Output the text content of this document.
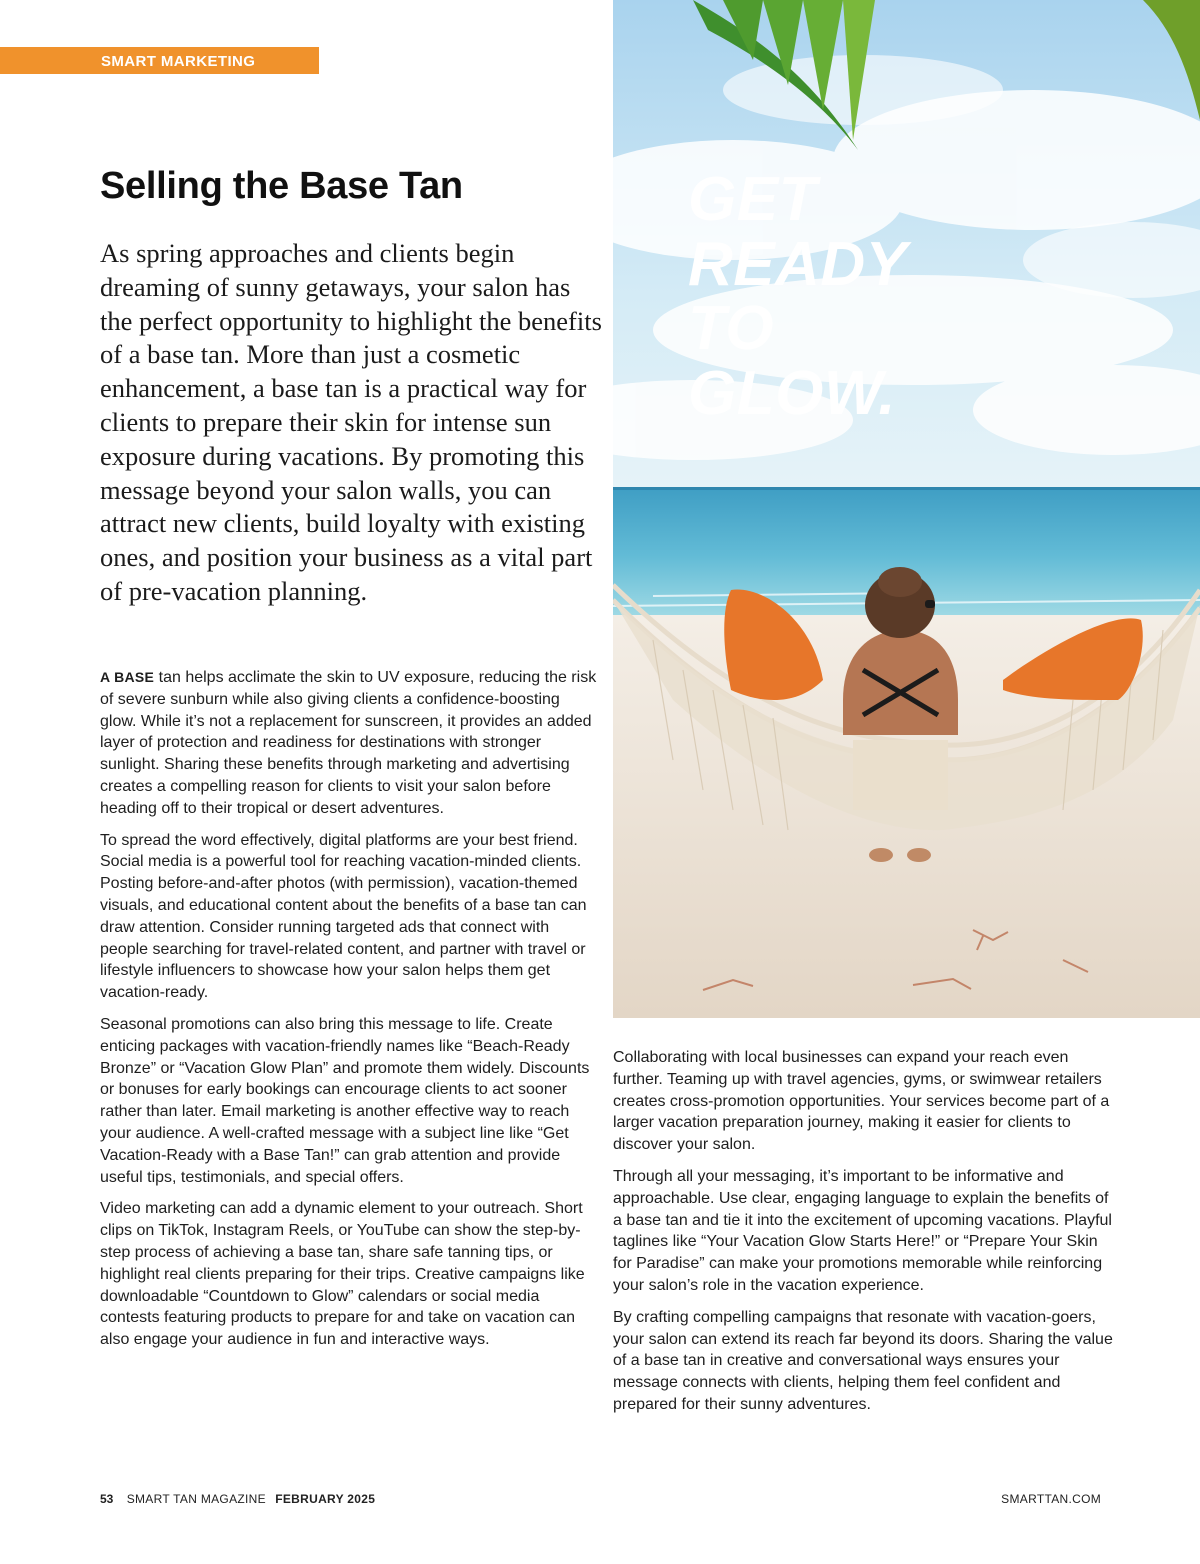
SMART MARKETING
Selling the Base Tan

As spring approaches and clients begin dreaming of sunny getaways, your salon has the perfect opportunity to highlight the benefits of a base tan. More than just a cosmetic enhancement, a base tan is a practical way for clients to prepare their skin for intense sun exposure during vacations. By promoting this message beyond your salon walls, you can attract new clients, build loyalty with existing ones, and position your business as a vital part of pre-vacation planning.

A BASE tan helps acclimate the skin to UV exposure, reducing the risk of severe sunburn while also giving clients a confidence-boosting glow. While it’s not a replacement for sunscreen, it provides an added layer of protection and readiness for destinations with stronger sunlight. Sharing these benefits through marketing and advertising creates a compelling reason for clients to visit your salon before heading off to their tropical or desert adventures.

To spread the word effectively, digital platforms are your best friend. Social media is a powerful tool for reaching vacation-minded clients. Posting before-and-after photos (with permission), vacation-themed visuals, and educational content about the benefits of a base tan can draw attention. Consider running targeted ads that connect with people searching for travel-related content, and partner with travel or lifestyle influencers to showcase how your salon helps them get vacation-ready.

Seasonal promotions can also bring this message to life. Create enticing packages with vacation-friendly names like “Beach-Ready Bronze” or “Vacation Glow Plan” and promote them widely. Discounts or bonuses for early bookings can encourage clients to act sooner rather than later. Email marketing is another effective way to reach your audience. A well-crafted message with a subject line like “Get Vacation-Ready with a Base Tan!” can grab attention and provide useful tips, testimonials, and special offers.

Video marketing can add a dynamic element to your outreach. Short clips on TikTok, Instagram Reels, or YouTube can show the step-by-step process of achieving a base tan, share safe tanning tips, or highlight real clients preparing for their trips. Creative campaigns like downloadable “Countdown to Glow” calendars or social media contests featuring products to prepare for and take on vacation can also engage your audience in fun and interactive ways.

GET
READY
TO
GLOW.

Collaborating with local businesses can expand your reach even further. Teaming up with travel agencies, gyms, or swimwear retailers creates cross-promotion opportunities. Your services become part of a larger vacation preparation journey, making it easier for clients to discover your salon.

Through all your messaging, it’s important to be informative and approachable. Use clear, engaging language to explain the benefits of a base tan and tie it into the excitement of upcoming vacations. Playful taglines like “Your Vacation Glow Starts Here!” or “Prepare Your Skin for Paradise” can make your promotions memorable while reinforcing your salon’s role in the vacation experience.

By crafting compelling campaigns that resonate with vacation-goers, your salon can extend its reach far beyond its doors. Sharing the value of a base tan in creative and conversational ways ensures your message connects with clients, helping them feel confident and prepared for their sunny adventures.

53 SMART TAN MAGAZINE FEBRUARY 2025	SMARTTAN.COM
